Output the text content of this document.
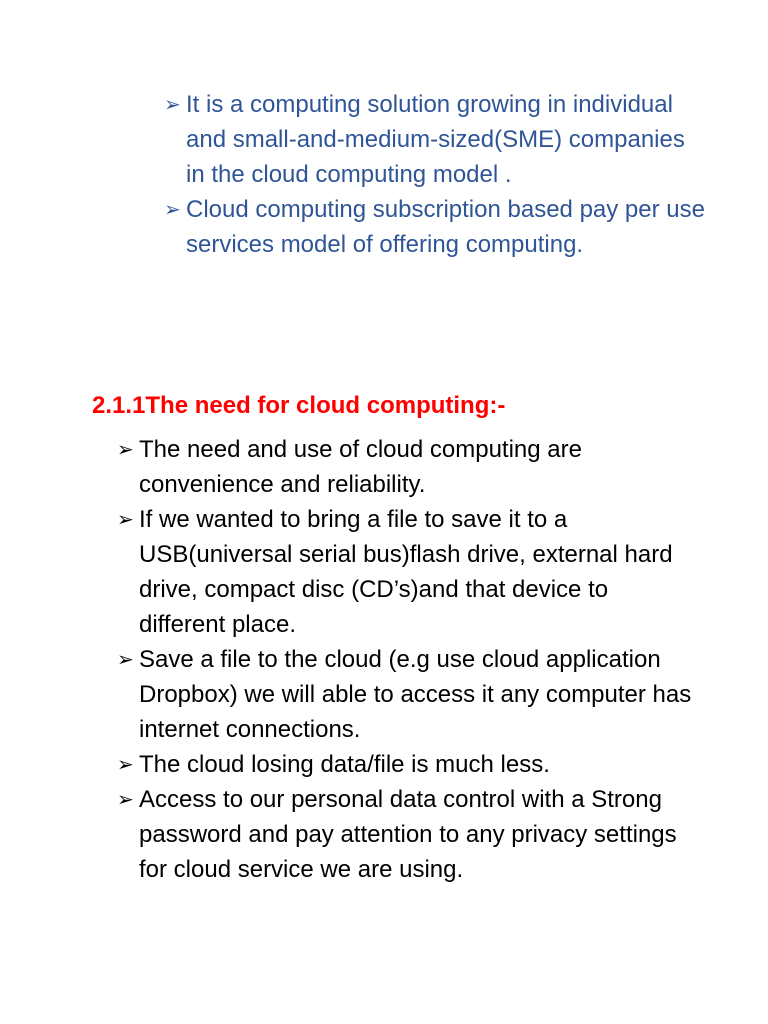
➢ It is a computing solution growing in individual and small-and-medium-sized(SME) companies in the cloud computing model .
➢ Cloud computing subscription based pay per use services model of offering computing.
2.1.1The need for cloud computing:-
➢ The need and use of cloud computing are convenience and reliability.
➢ If we wanted to bring a file to save it to a USB(universal serial bus)flash drive, external hard drive, compact disc (CD’s)and that device to different place.
➢ Save a file to the cloud (e.g use cloud application Dropbox) we will able to access it any computer has internet connections.
➢ The cloud losing data/file is much less.
➢ Access to our personal data control with a Strong password and pay attention to any privacy settings for cloud service we are using.
